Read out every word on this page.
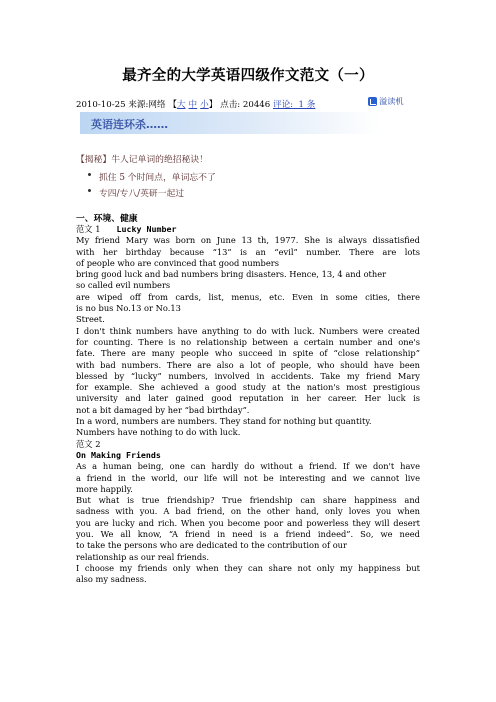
最齐全的大学英语四级作文范文（一）
2010-10-25 来源:网络 【大 中 小】 点击: 20446 评论: 1 条	溢读机
英语连环杀……
【揭秘】牛人记单词的绝招秘诀！
抓住 5 个时间点，单词忘不了
专四/专八/英研一起过
一、环境、健康
范文 1 Lucky Number
My friend Mary was born on June 13 th, 1977. She is always dissatisfied
with her birthday because “13” is an “evil” number. There are lots
of people who are convinced that good numbers
bring good luck and bad numbers bring disasters. Hence, 13, 4 and other
so called evil numbers
are wiped off from cards, list, menus, etc. Even in some cities, there
is no bus No.13 or No.13
Street.
I don't think numbers have anything to do with luck. Numbers were created
for counting. There is no relationship between a certain number and one's
fate. There are many people who succeed in spite of “close relationship”
with bad numbers. There are also a lot of people, who should have been
blessed by “lucky” numbers, involved in accidents. Take my friend Mary
for example. She achieved a good study at the nation's most prestigious
university and later gained good reputation in her career. Her luck is
not a bit damaged by her “bad birthday”.
In a word, numbers are numbers. They stand for nothing but quantity.
Numbers have nothing to do with luck.
范文 2
On Making Friends
As a human being, one can hardly do without a friend. If we don't have
a friend in the world, our life will not be interesting and we cannot live
more happily.
But what is true friendship? True friendship can share happiness and
sadness with you. A bad friend, on the other hand, only loves you when
you are lucky and rich. When you become poor and powerless they will desert
you. We all know, “A friend in need is a friend indeed”. So, we need
to take the persons who are dedicated to the contribution of our
relationship as our real friends.
I choose my friends only when they can share not only my happiness but
also my sadness.
